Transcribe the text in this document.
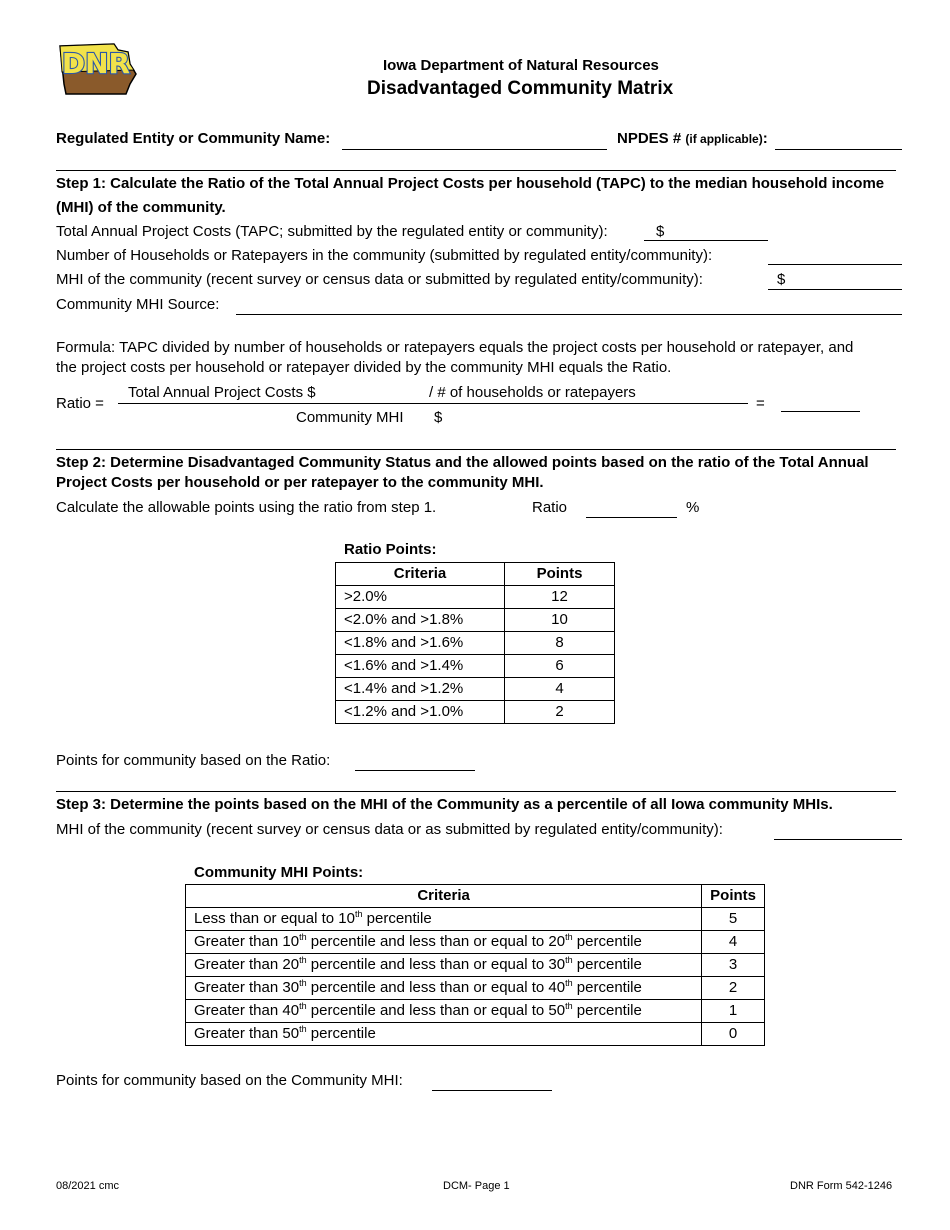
DNR	Iowa Department of Natural Resources
Disadvantaged Community Matrix
Regulated Entity or Community Name:	NPDES # (if applicable):
Step 1: Calculate the Ratio of the Total Annual Project Costs per household (TAPC) to the median household income
(MHI) of the community.
Total Annual Project Costs (TAPC; submitted by the regulated entity or community):	$
Number of Households or Ratepayers in the community (submitted by regulated entity/community):
MHI of the community (recent survey or census data or submitted by regulated entity/community):	$
Community MHI Source:
Formula: TAPC divided by number of households or ratepayers equals the project costs per household or ratepayer, and
the project costs per household or ratepayer divided by the community MHI equals the Ratio.
Ratio =
Total Annual Project Costs $	/ # of households or ratepayers
Community MHI $
=
Step 2: Determine Disadvantaged Community Status and the allowed points based on the ratio of the Total Annual
Project Costs per household or per ratepayer to the community MHI.
Calculate the allowable points using the ratio from step 1.	Ratio	%
Ratio Points:
Criteria	Points
>2.0%	12
<2.0% and >1.8%	10
<1.8% and >1.6%	8
<1.6% and >1.4%	6
<1.4% and >1.2%	4
<1.2% and >1.0%	2
Points for community based on the Ratio:
Step 3: Determine the points based on the MHI of the Community as a percentile of all Iowa community MHIs.
MHI of the community (recent survey or census data or as submitted by regulated entity/community):
Community MHI Points:
Criteria	Points
Less than or equal to 10th percentile	5
Greater than 10th percentile and less than or equal to 20th percentile	4
Greater than 20th percentile and less than or equal to 30th percentile	3
Greater than 30th percentile and less than or equal to 40th percentile	2
Greater than 40th percentile and less than or equal to 50th percentile	1
Greater than 50th percentile	0
Points for community based on the Community MHI:
08/2021 cmc	DCM- Page 1	DNR Form 542-1246
